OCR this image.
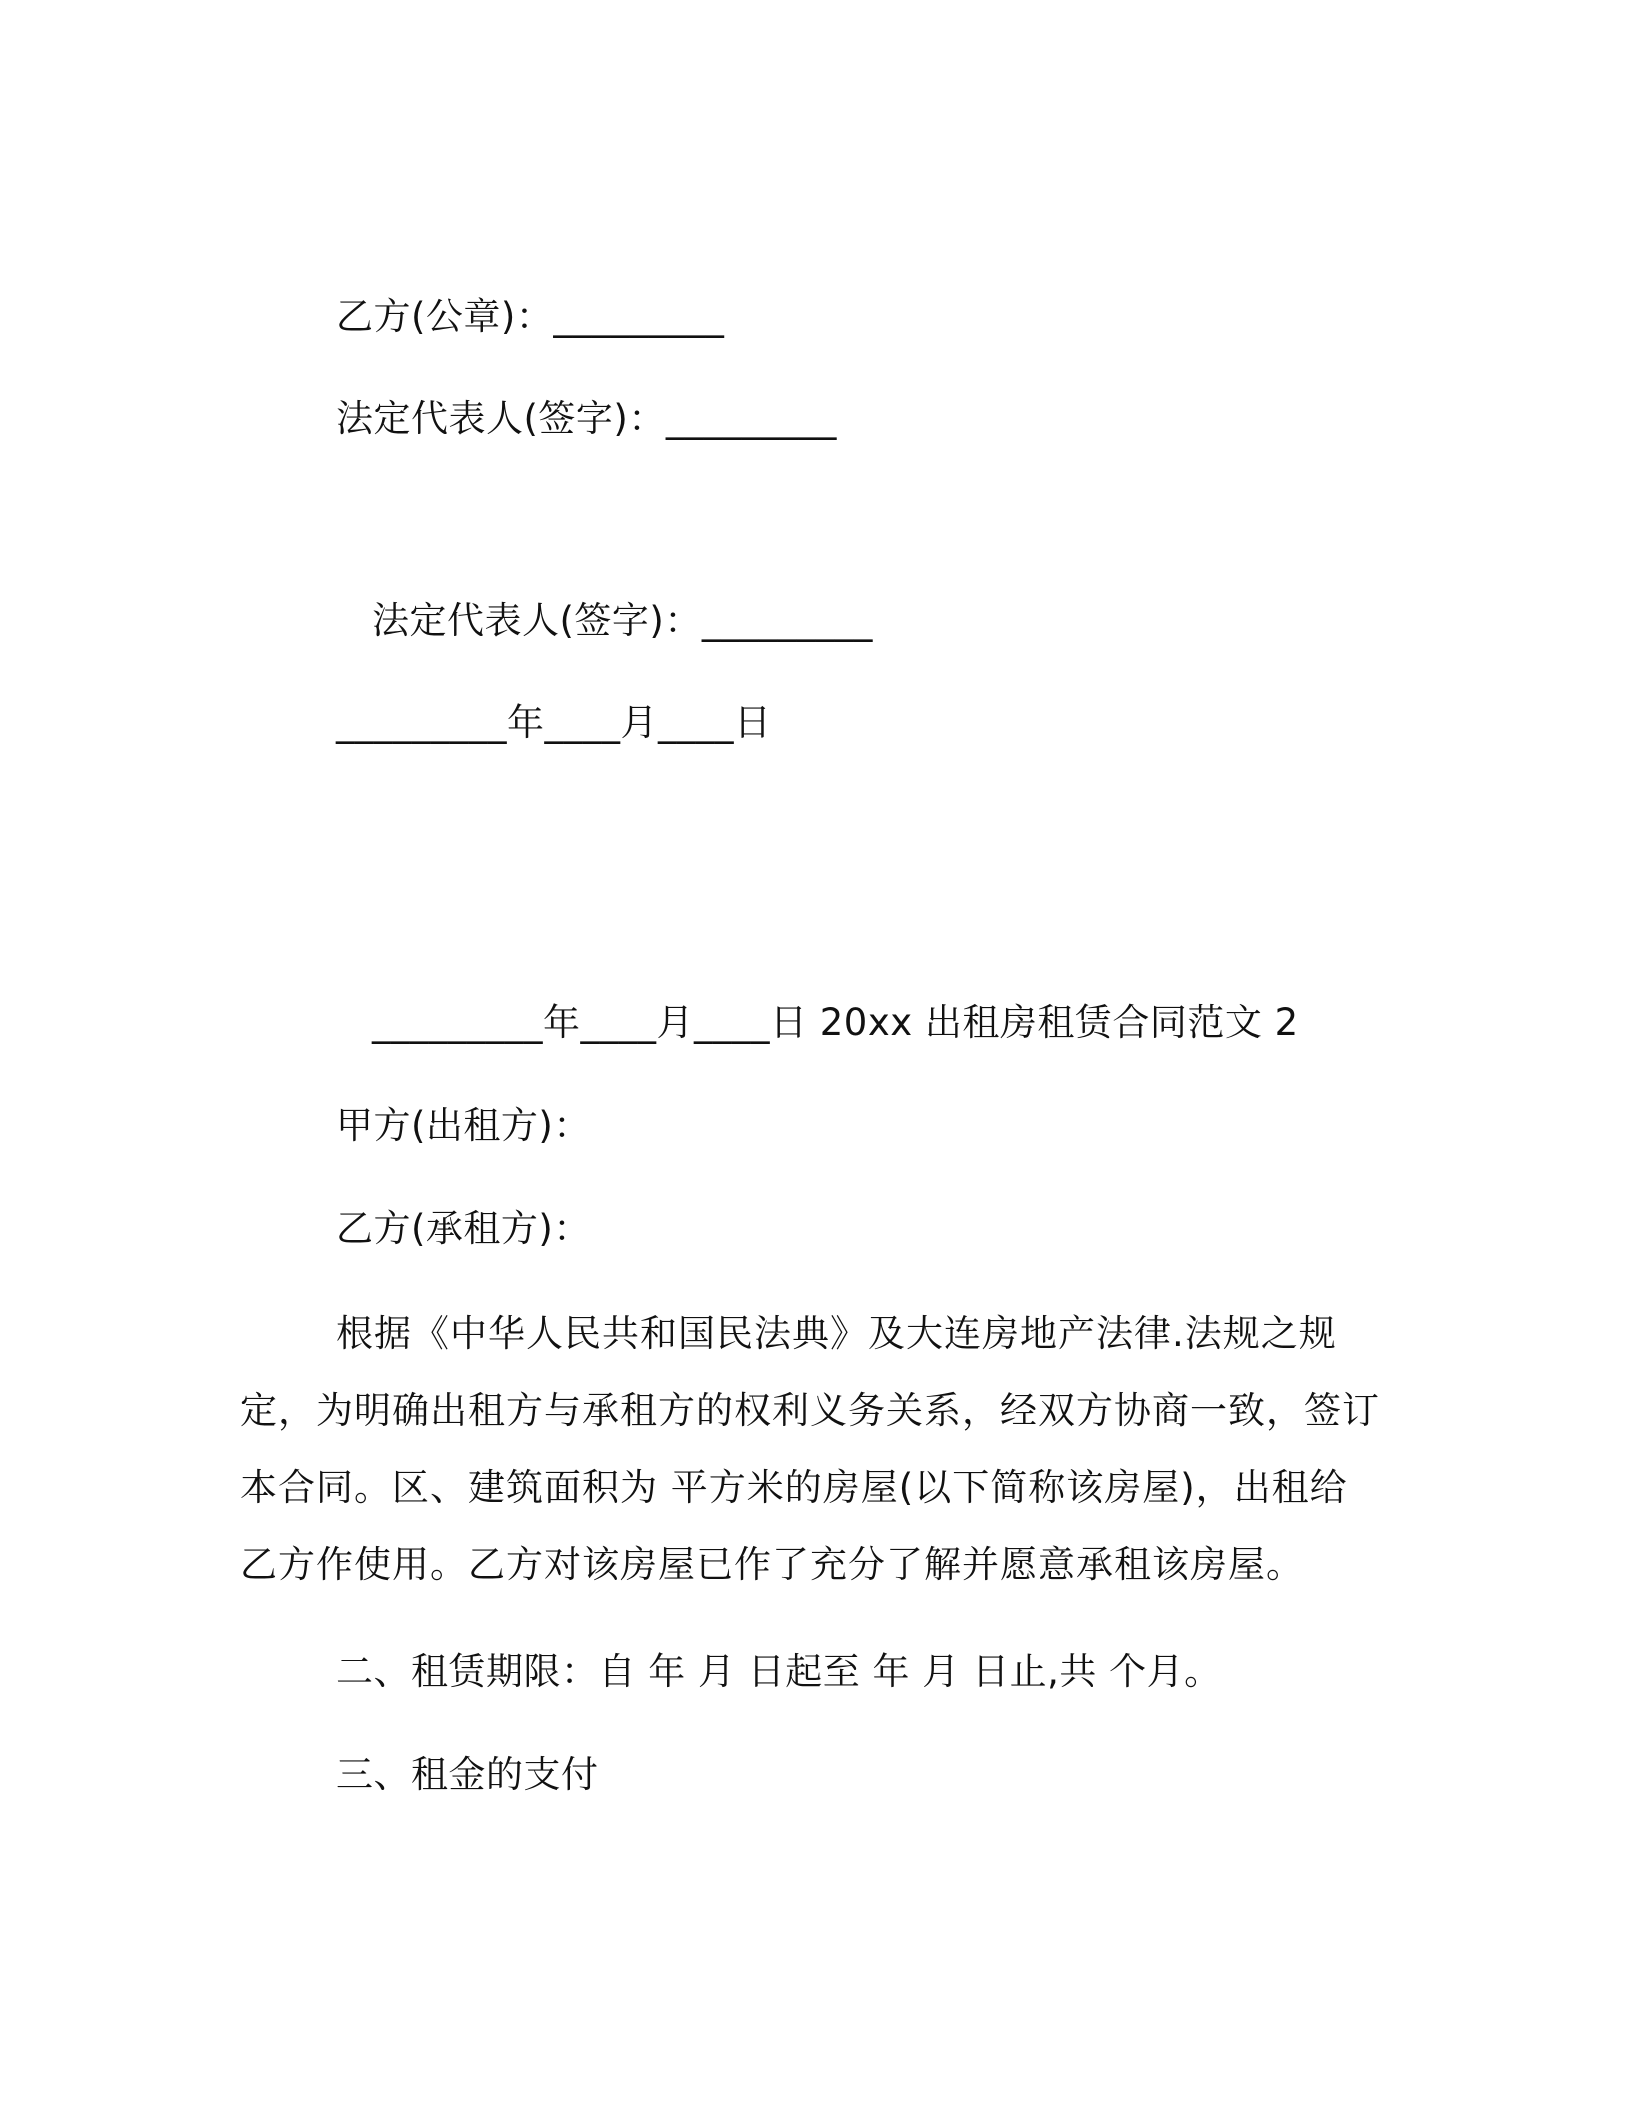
乙方(公章)：_________
法定代表人(签字)：_________
法定代表人(签字)：_________
_________年____月____日
_________年____月____日 20xx 出租房租赁合同范文 2
甲方(出租方)：
乙方(承租方)：
根据《中华人民共和国民法典》及大连房地产法律.法规之规定，为明确出租方与承租方的权利义务关系，经双方协商一致，签订本合同。区、建筑面积为 平方米的房屋(以下简称该房屋)，出租给乙方作使用。乙方对该房屋已作了充分了解并愿意承租该房屋。
二、租赁期限：自 年 月 日起至 年 月 日止,共 个月。
三、租金的支付
